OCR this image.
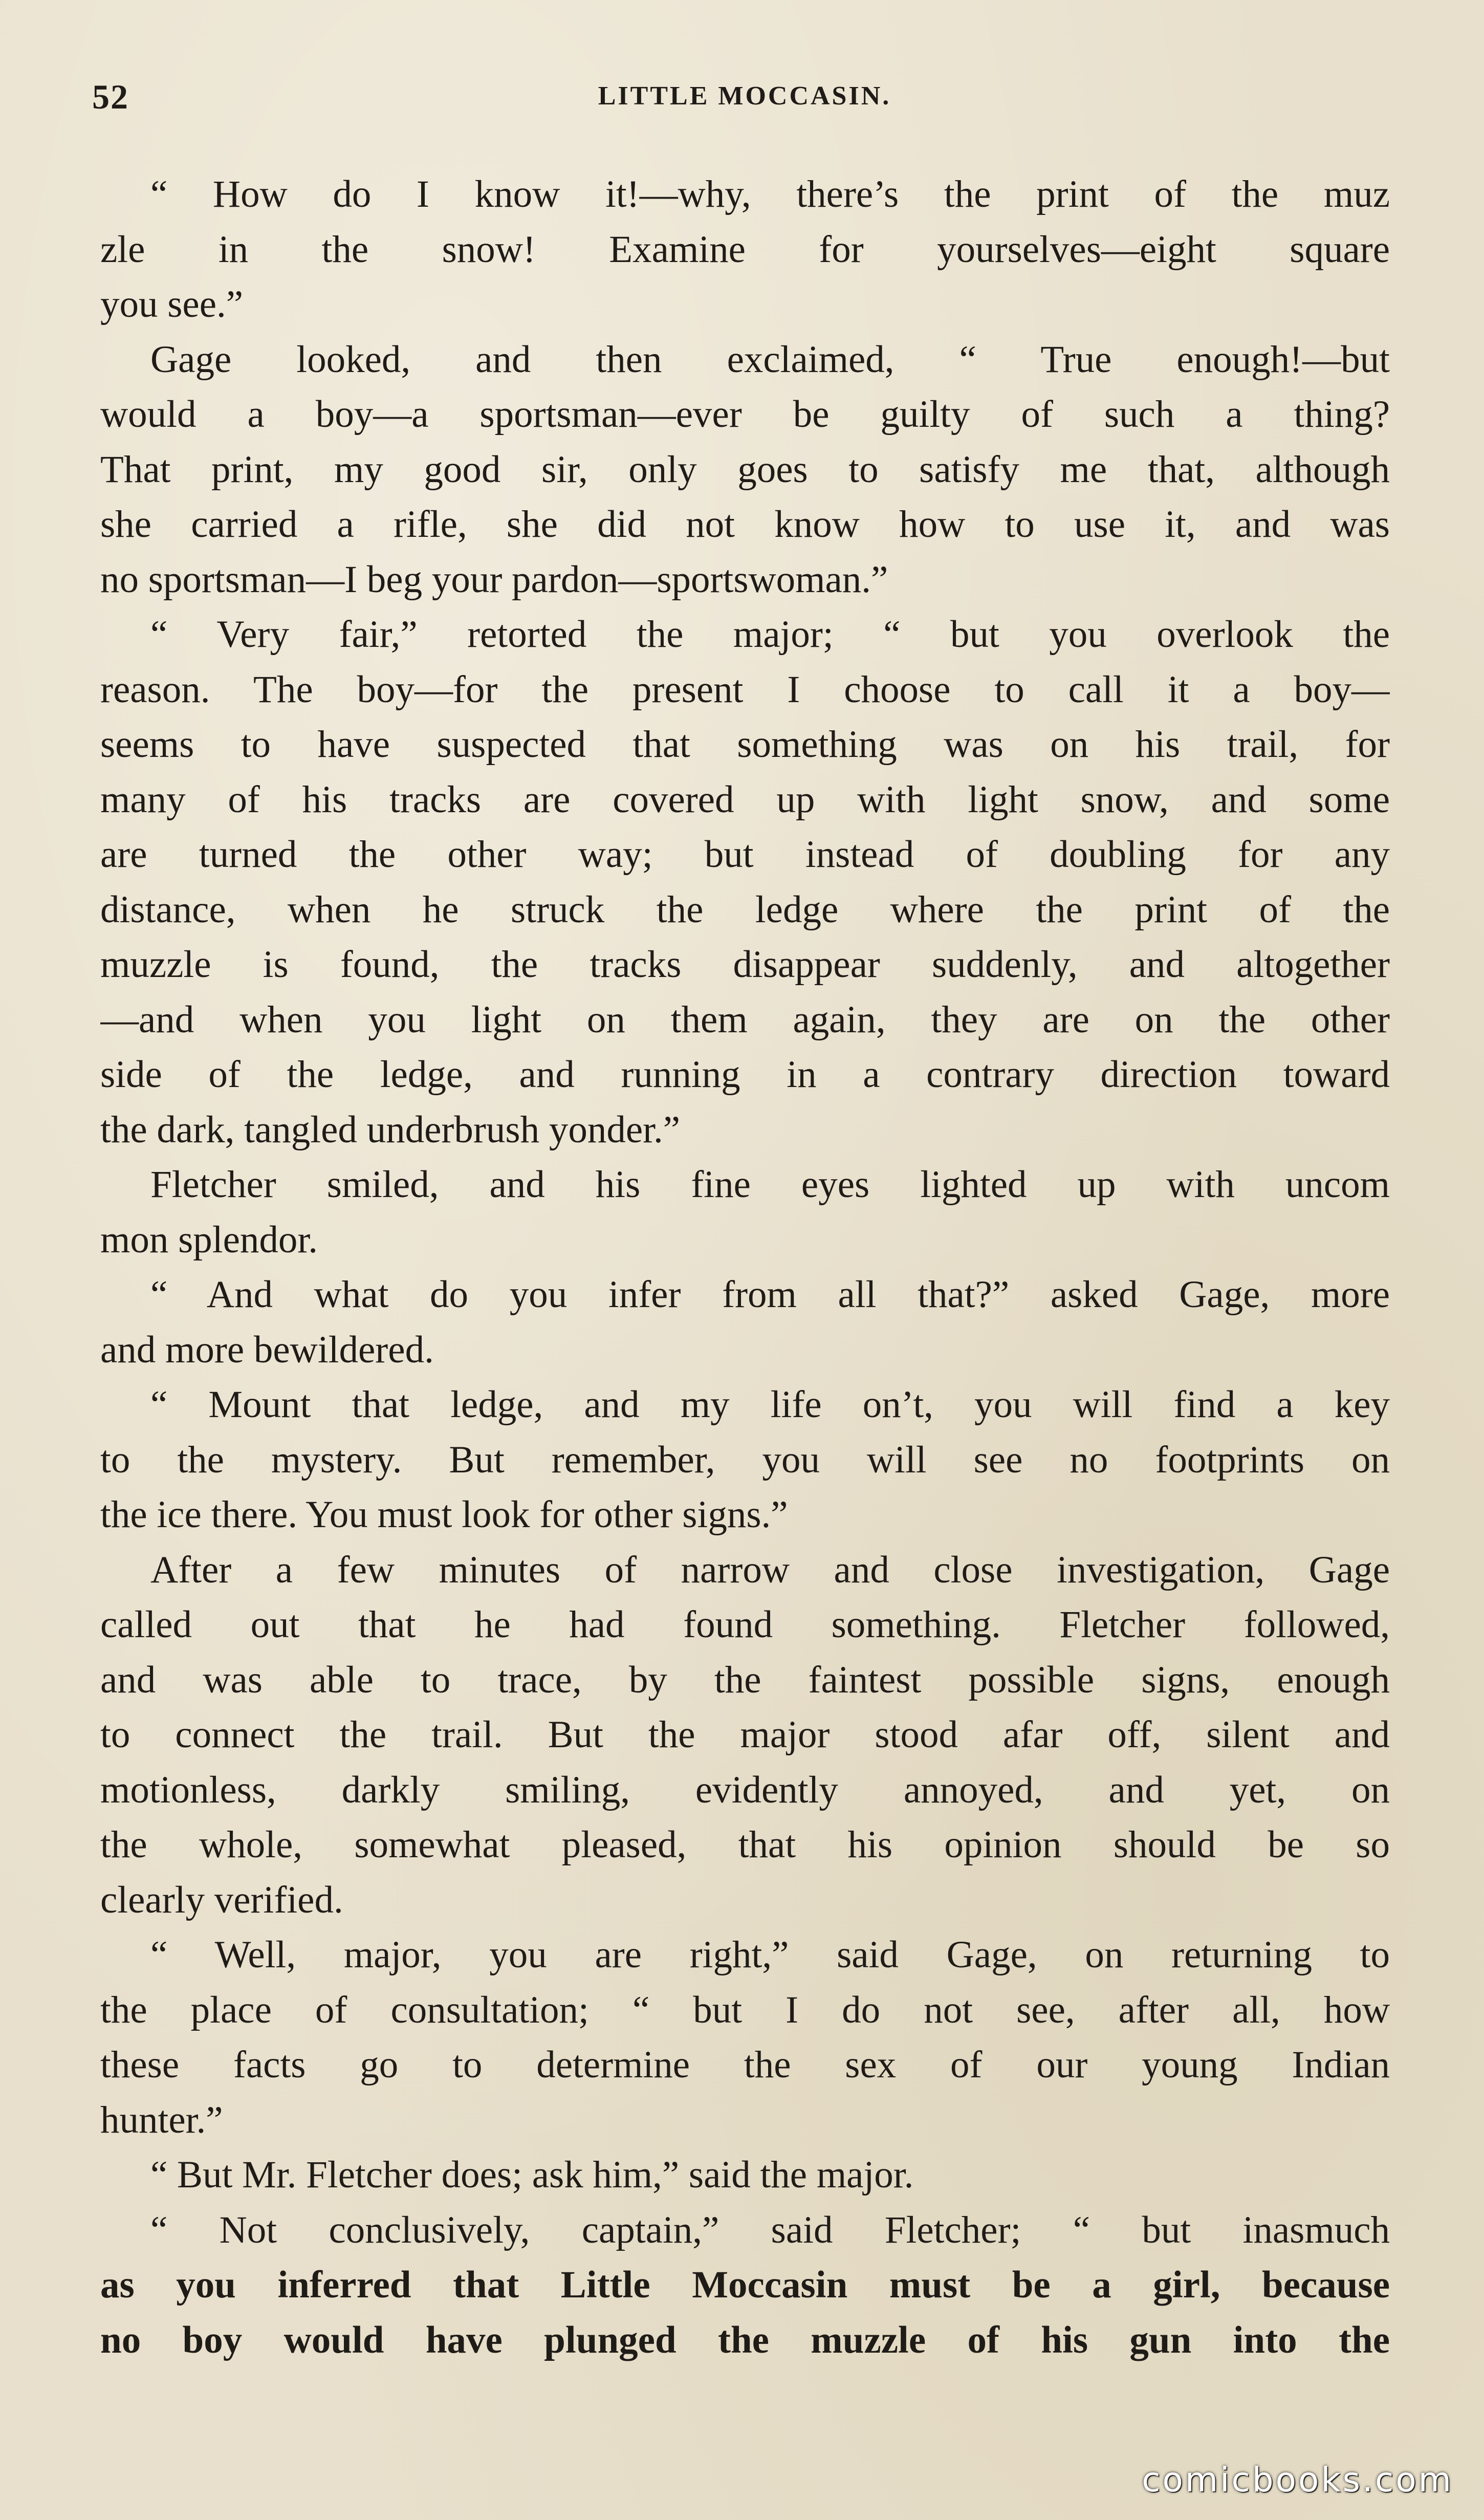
52	LITTLE MOCCASIN.
“ How do I know it!—why, there’s the print of the muz
zle in the snow! Examine for yourselves—eight square
you see.”
Gage looked, and then exclaimed, “ True enough!—but
would a boy—a sportsman—ever be guilty of such a thing?
That print, my good sir, only goes to satisfy me that, although
she carried a rifle, she did not know how to use it, and was
no sportsman—I beg your pardon—sportswoman.”
“ Very fair,” retorted the major; “ but you overlook the
reason. The boy—for the present I choose to call it a boy—
seems to have suspected that something was on his trail, for
many of his tracks are covered up with light snow, and some
are turned the other way; but instead of doubling for any
distance, when he struck the ledge where the print of the
muzzle is found, the tracks disappear suddenly, and altogether
—and when you light on them again, they are on the other
side of the ledge, and running in a contrary direction toward
the dark, tangled underbrush yonder.”
Fletcher smiled, and his fine eyes lighted up with uncom
mon splendor.
“ And what do you infer from all that?” asked Gage, more
and more bewildered.
“ Mount that ledge, and my life on’t, you will find a key
to the mystery. But remember, you will see no footprints on
the ice there. You must look for other signs.”
After a few minutes of narrow and close investigation, Gage
called out that he had found something. Fletcher followed,
and was able to trace, by the faintest possible signs, enough
to connect the trail. But the major stood afar off, silent and
motionless, darkly smiling, evidently annoyed, and yet, on
the whole, somewhat pleased, that his opinion should be so
clearly verified.
“ Well, major, you are right,” said Gage, on returning to
the place of consultation; “ but I do not see, after all, how
these facts go to determine the sex of our young Indian
hunter.”
“ But Mr. Fletcher does; ask him,” said the major.
“ Not conclusively, captain,” said Fletcher; “ but inasmuch
as you inferred that Little Moccasin must be a girl, because
no boy would have plunged the muzzle of his gun into the
comicbooks.com
